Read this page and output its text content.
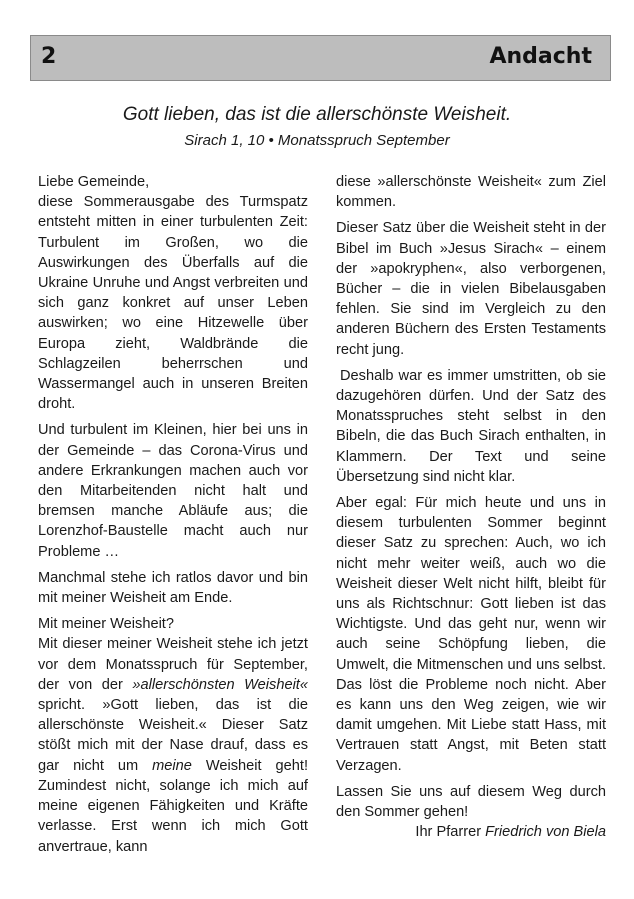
2	Andacht
Gott lieben, das ist die allerschönste Weisheit.
Sirach 1, 10 • Monatsspruch September

Liebe Gemeinde,

diese Sommerausgabe des Turmspatz entsteht mitten in einer turbulenten Zeit: Turbulent im Großen, wo die Auswirkungen des Überfalls auf die Ukraine Unruhe und Angst verbreiten und sich ganz konkret auf unser Leben auswirken; wo eine Hitzewelle über Europa zieht, Waldbrände die Schlagzeilen beherrschen und Wassermangel auch in unseren Breiten droht.

Und turbulent im Kleinen, hier bei uns in der Gemeinde – das Corona-Virus und andere Erkrankungen machen auch vor den Mitarbeitenden nicht halt und bremsen manche Abläufe aus; die Lorenzhof-Baustelle macht auch nur Probleme …

Manchmal stehe ich ratlos davor und bin mit meiner Weisheit am Ende.

Mit meiner Weisheit?

Mit dieser meiner Weisheit stehe ich jetzt vor dem Monatsspruch für September, der von der »allerschönsten Weisheit« spricht. »Gott lieben, das ist die allerschönste Weisheit.« Dieser Satz stößt mich mit der Nase drauf, dass es gar nicht um meine Weisheit geht! Zumindest nicht, solange ich mich auf meine eigenen Fähigkeiten und Kräfte verlasse. Erst wenn ich mich Gott anvertraue, kann

diese »allerschönste Weisheit« zum Ziel kommen.

Dieser Satz über die Weisheit steht in der Bibel im Buch »Jesus Sirach« – einem der »apokryphen«, also verborgenen, Bücher – die in vielen Bibelausgaben fehlen. Sie sind im Vergleich zu den anderen Büchern des Ersten Testaments recht jung.

Deshalb war es immer umstritten, ob sie dazugehören dürfen. Und der Satz des Monatsspruches steht selbst in den Bibeln, die das Buch Sirach enthalten, in Klammern. Der Text und seine Übersetzung sind nicht klar.

Aber egal: Für mich heute und uns in diesem turbulenten Sommer beginnt dieser Satz zu sprechen: Auch, wo ich nicht mehr weiter weiß, auch wo die Weisheit dieser Welt nicht hilft, bleibt für uns als Richtschnur: Gott lieben ist das Wichtigste. Und das geht nur, wenn wir auch seine Schöpfung lieben, die Umwelt, die Mitmenschen und uns selbst. Das löst die Probleme noch nicht. Aber es kann uns den Weg zeigen, wie wir damit umgehen. Mit Liebe statt Hass, mit Vertrauen statt Angst, mit Beten statt Verzagen.

Lassen Sie uns auf diesem Weg durch den Sommer gehen!

Ihr Pfarrer Friedrich von Biela
